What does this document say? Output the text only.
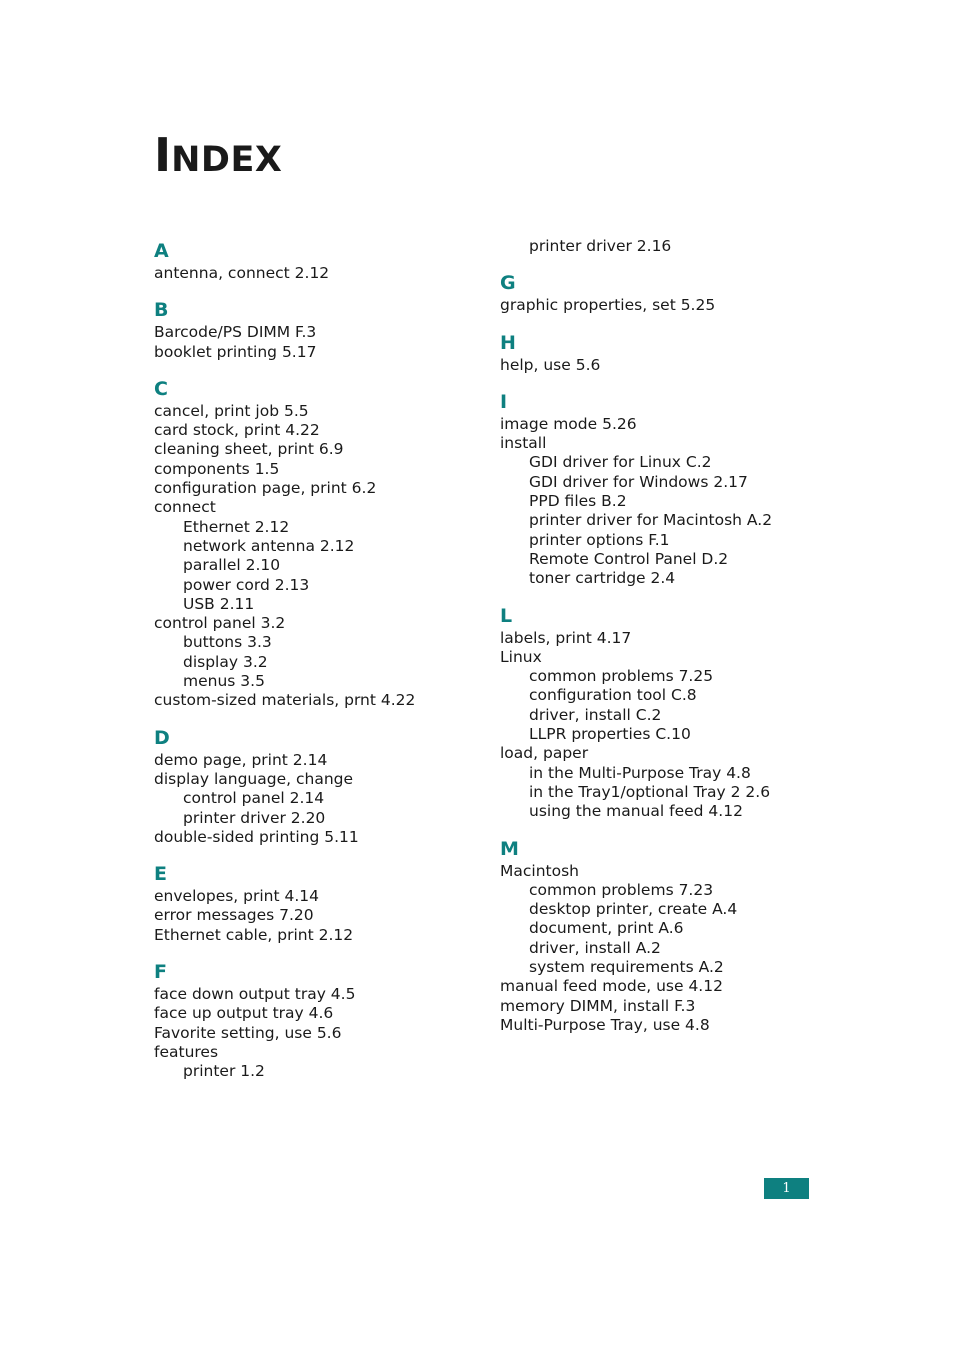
INDEX
A
antenna, connect 2.12
B
Barcode/PS DIMM F.3
booklet printing 5.17
C
cancel, print job 5.5
card stock, print 4.22
cleaning sheet, print 6.9
components 1.5
configuration page, print 6.2
connect
Ethernet 2.12
network antenna 2.12
parallel 2.10
power cord 2.13
USB 2.11
control panel 3.2
buttons 3.3
display 3.2
menus 3.5
custom-sized materials, prnt 4.22
D
demo page, print 2.14
display language, change
control panel 2.14
printer driver 2.20
double-sided printing 5.11
E
envelopes, print 4.14
error messages 7.20
Ethernet cable, print 2.12
F
face down output tray 4.5
face up output tray 4.6
Favorite setting, use 5.6
features
printer 1.2
printer driver 2.16
G
graphic properties, set 5.25
H
help, use 5.6
I
image mode 5.26
install
GDI driver for Linux C.2
GDI driver for Windows 2.17
PPD files B.2
printer driver for Macintosh A.2
printer options F.1
Remote Control Panel D.2
toner cartridge 2.4
L
labels, print 4.17
Linux
common problems 7.25
configuration tool C.8
driver, install C.2
LLPR properties C.10
load, paper
in the Multi-Purpose Tray 4.8
in the Tray1/optional Tray 2 2.6
using the manual feed 4.12
M
Macintosh
common problems 7.23
desktop printer, create A.4
document, print A.6
driver, install A.2
system requirements A.2
manual feed mode, use 4.12
memory DIMM, install F.3
Multi-Purpose Tray, use 4.8
1
